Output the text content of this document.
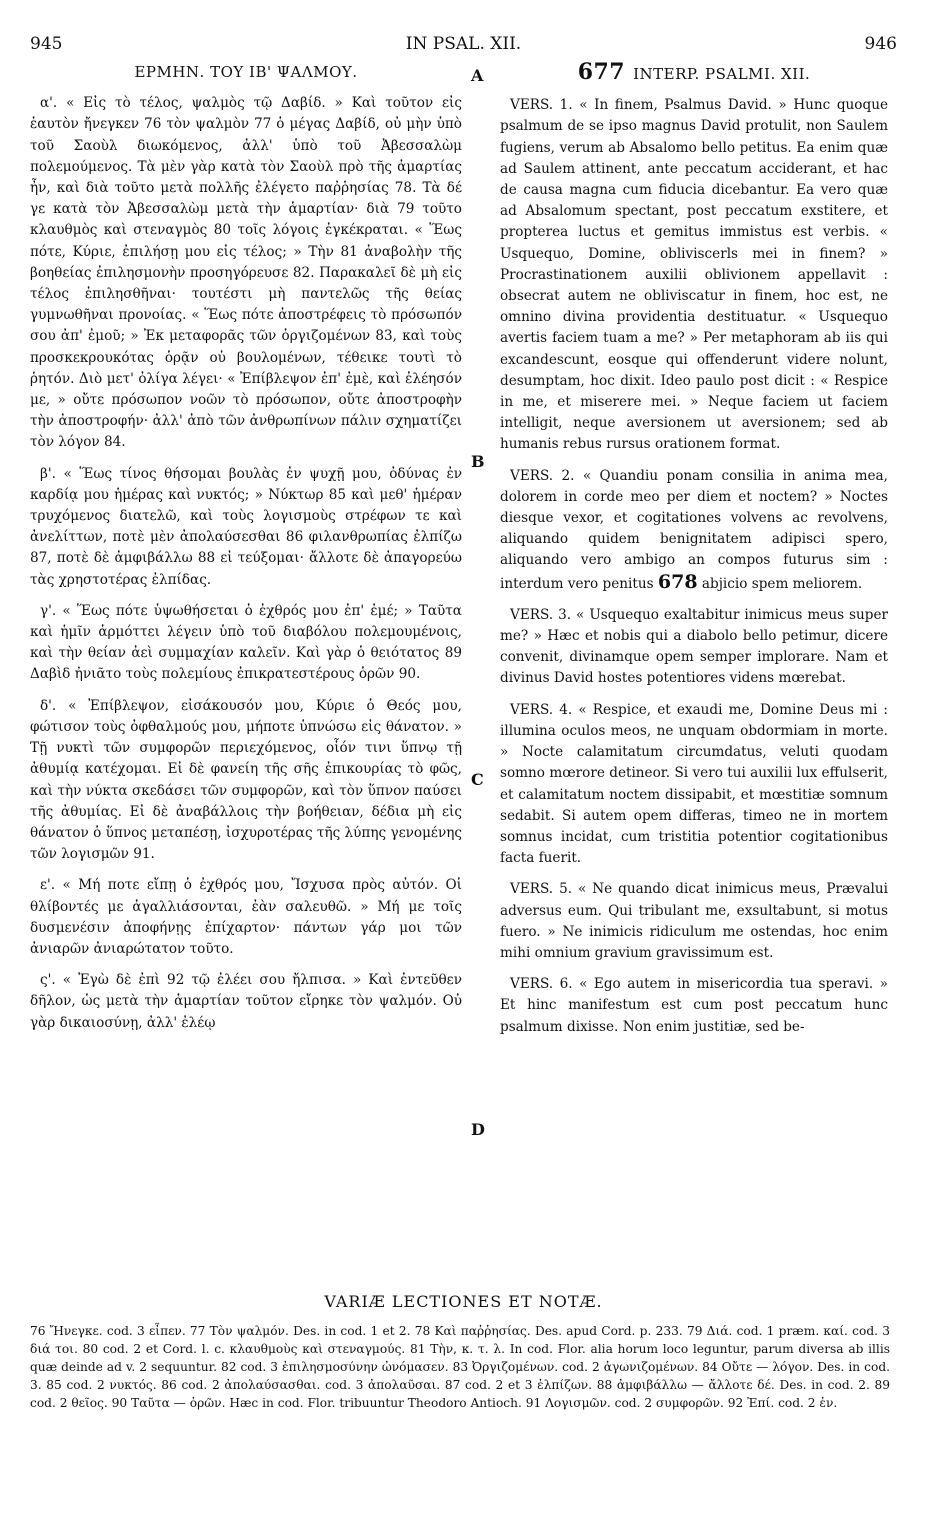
IN PSAL. XII.
945	946
ΕΡΜΗΝ. ΤΟΥ ΙΒ' ΨΑΛΜΟΥ.

α'. « Εἰς τὸ τέλος, ψαλμὸς τῷ Δαβίδ. » Καὶ τοῦτον εἰς ἑαυτὸν ἤνεγκεν 76 τὸν ψαλμὸν 77 ὁ μέγας Δαβίδ, οὐ μὴν ὑπὸ τοῦ Σαοὺλ διωκόμενος, ἀλλ' ὑπὸ τοῦ Ἀβεσσαλὼμ πολεμούμενος. Τὰ μὲν γὰρ κατὰ τὸν Σαοὺλ πρὸ τῆς ἁμαρτίας ἦν, καὶ διὰ τοῦτο μετὰ πολλῆς ἐλέγετο παῤῥησίας 78. Τὰ δέ γε κατὰ τὸν Ἀβεσσαλὼμ μετὰ τὴν ἁμαρτίαν· διὰ 79 τοῦτο κλαυθμὸς καὶ στεναγμὸς 80 τοῖς λόγοις ἐγκέκραται. « Ἕως πότε, Κύριε, ἐπιλήσῃ μου εἰς τέλος; » Τὴν 81 ἀναβολὴν τῆς βοηθείας ἐπιλησμονὴν προσηγόρευσε 82. Παρακαλεῖ δὲ μὴ εἰς τέλος ἐπιλησθῆναι· τουτέστι μὴ παντελῶς τῆς θείας γυμνωθῆναι προνοίας. « Ἕως πότε ἀποστρέφεις τὸ πρόσωπόν σου ἀπ' ἐμοῦ; » Ἐκ μεταφορᾶς τῶν ὀργιζομένων 83, καὶ τοὺς προσκεκρουκότας ὁρᾷν οὐ βουλομένων, τέθεικε τουτὶ τὸ ῥητόν. Διὸ μετ' ὀλίγα λέγει· « Ἐπίβλεψον ἐπ' ἐμὲ, καὶ ἐλέησόν με, » οὔτε πρόσωπον νοῶν τὸ πρόσωπον, οὔτε ἀποστροφὴν τὴν ἀποστροφήν· ἀλλ' ἀπὸ τῶν ἀνθρωπίνων πάλιν σχηματίζει τὸν λόγον 84.

β'. « Ἕως τίνος θήσομαι βουλὰς ἐν ψυχῇ μου, ὀδύνας ἐν καρδίᾳ μου ἡμέρας καὶ νυκτός; » Νύκτωρ 85 καὶ μεθ' ἡμέραν τρυχόμενος διατελῶ, καὶ τοὺς λογισμοὺς στρέφων τε καὶ ἀνελίττων, ποτὲ μὲν ἀπολαύσεσθαι 86 φιλανθρωπίας ἐλπίζω 87, ποτὲ δὲ ἀμφιβάλλω 88 εἰ τεύξομαι· ἄλλοτε δὲ ἀπαγορεύω τὰς χρηστοτέρας ἐλπίδας.

γ'. « Ἕως πότε ὑψωθήσεται ὁ ἐχθρός μου ἐπ' ἐμέ; » Ταῦτα καὶ ἡμῖν ἁρμόττει λέγειν ὑπὸ τοῦ διαβόλου πολεμουμένοις, καὶ τὴν θείαν ἀεὶ συμμαχίαν καλεῖν. Καὶ γὰρ ὁ θειότατος 89 Δαβὶδ ἠνιᾶτο τοὺς πολεμίους ἐπικρατεστέρους ὁρῶν 90.

δ'. « Ἐπίβλεψον, εἰσάκουσόν μου, Κύριε ὁ Θεός μου, φώτισον τοὺς ὀφθαλμούς μου, μήποτε ὑπνώσω εἰς θάνατον. » Τῇ νυκτὶ τῶν συμφορῶν περιεχόμενος, οἷόν τινι ὕπνῳ τῇ ἀθυμίᾳ κατέχομαι. Εἰ δὲ φανείη τῆς σῆς ἐπικουρίας τὸ φῶς, καὶ τὴν νύκτα σκεδάσει τῶν συμφορῶν, καὶ τὸν ὕπνον παύσει τῆς ἀθυμίας. Εἰ δὲ ἀναβάλλοις τὴν βοήθειαν, δέδια μὴ εἰς θάνατον ὁ ὕπνος μεταπέσῃ, ἰσχυροτέρας τῆς λύπης γενομένης τῶν λογισμῶν 91.

ε'. « Μή ποτε εἴπῃ ὁ ἐχθρός μου, Ἴσχυσα πρὸς αὐτόν. Οἱ θλίβοντές με ἀγαλλιάσονται, ἐὰν σαλευθῶ. » Μή με τοῖς δυσμενέσιν ἀποφήνῃς ἐπίχαρτον· πάντων γάρ μοι τῶν ἀνιαρῶν ἀνιαρώτατον τοῦτο.

ς'. « Ἐγὼ δὲ ἐπὶ 92 τῷ ἐλέει σου ἤλπισα. » Καὶ ἐντεῦθεν δῆλον, ὡς μετὰ τὴν ἁμαρτίαν τοῦτον εἴρηκε τὸν ψαλμόν. Οὐ γὰρ δικαιοσύνῃ, ἀλλ' ἐλέῳ

A
B
C
D
677 INTERP. PSALMI. XII.

VERS. 1. « In finem, Psalmus David. » Hunc quoque psalmum de se ipso magnus David protulit, non Saulem fugiens, verum ab Absalomo bello petitus. Ea enim quæ ad Saulem attinent, ante peccatum acciderant, et hac de causa magna cum fiducia dicebantur. Ea vero quæ ad Absalomum spectant, post peccatum exstitere, et propterea luctus et gemitus immistus est verbis. « Usquequo, Domine, obliviscerls mei in finem? » Procrastinationem auxilii oblivionem appellavit : obsecrat autem ne obliviscatur in finem, hoc est, ne omnino divina providentia destituatur. « Usquequo avertis faciem tuam a me? » Per metaphoram ab iis qui excandescunt, eosque qui offenderunt videre nolunt, desumptam, hoc dixit. Ideo paulo post dicit : « Respice in me, et miserere mei. » Neque faciem ut faciem intelligit, neque aversionem ut aversionem; sed ab humanis rebus rursus orationem format.

VERS. 2. « Quandiu ponam consilia in anima mea, dolorem in corde meo per diem et noctem? » Noctes diesque vexor, et cogitationes volvens ac revolvens, aliquando quidem benignitatem adipisci spero, aliquando vero ambigo an compos futurus sim : interdum vero penitus 678 abjicio spem meliorem.

VERS. 3. « Usquequo exaltabitur inimicus meus super me? » Hæc et nobis qui a diabolo bello petimur, dicere convenit, divinamque opem semper implorare. Nam et divinus David hostes potentiores videns mœrebat.

VERS. 4. « Respice, et exaudi me, Domine Deus mi : illumina oculos meos, ne unquam obdormiam in morte. » Nocte calamitatum circumdatus, veluti quodam somno mœrore detineor. Si vero tui auxilii lux effulserit, et calamitatum noctem dissipabit, et mœstitiæ somnum sedabit. Si autem opem differas, timeo ne in mortem somnus incidat, cum tristitia potentior cogitationibus facta fuerit.

VERS. 5. « Ne quando dicat inimicus meus, Prævalui adversus eum. Qui tribulant me, exsultabunt, si motus fuero. » Ne inimicis ridiculum me ostendas, hoc enim mihi omnium gravium gravissimum est.

VERS. 6. « Ego autem in misericordia tua speravi. » Et hinc manifestum est cum post peccatum hunc psalmum dixisse. Non enim justitiæ, sed be-

VARIÆ LECTIONES ET NOTÆ.
76 Ἤνεγκε. cod. 3 εἶπεν. 77 Τὸν ψαλμόν. Des. in cod. 1 et 2. 78 Καὶ παῤῥησίας. Des. apud Cord. p. 233. 79 Διά. cod. 1 præm. καί. cod. 3 διά τοι. 80 cod. 2 et Cord. l. c. κλαυθμοὺς καὶ στεναγμούς. 81 Τὴν, κ. τ. λ. In cod. Flor. alia horum loco leguntur, parum diversa ab illis quæ deinde ad v. 2 sequuntur. 82 cod. 3 ἐπιλησμοσύνην ὠνόμασεν. 83 Ὀργιζομένων. cod. 2 ἀγωνιζομένων. 84 Οὔτε — λόγον. Des. in cod. 3. 85 cod. 2 νυκτός. 86 cod. 2 ἀπολαύσασθαι. cod. 3 ἀπολαῦσαι. 87 cod. 2 et 3 ἐλπίζων. 88 ἀμφιβάλλω — ἄλλοτε δέ. Des. in cod. 2. 89 cod. 2 θεῖος. 90 Ταῦτα — ὁρῶν. Hæc in cod. Flor. tribuuntur Theodoro Antioch. 91 Λογισμῶν. cod. 2 συμφορῶν. 92 Ἐπί. cod. 2 ἐν.
